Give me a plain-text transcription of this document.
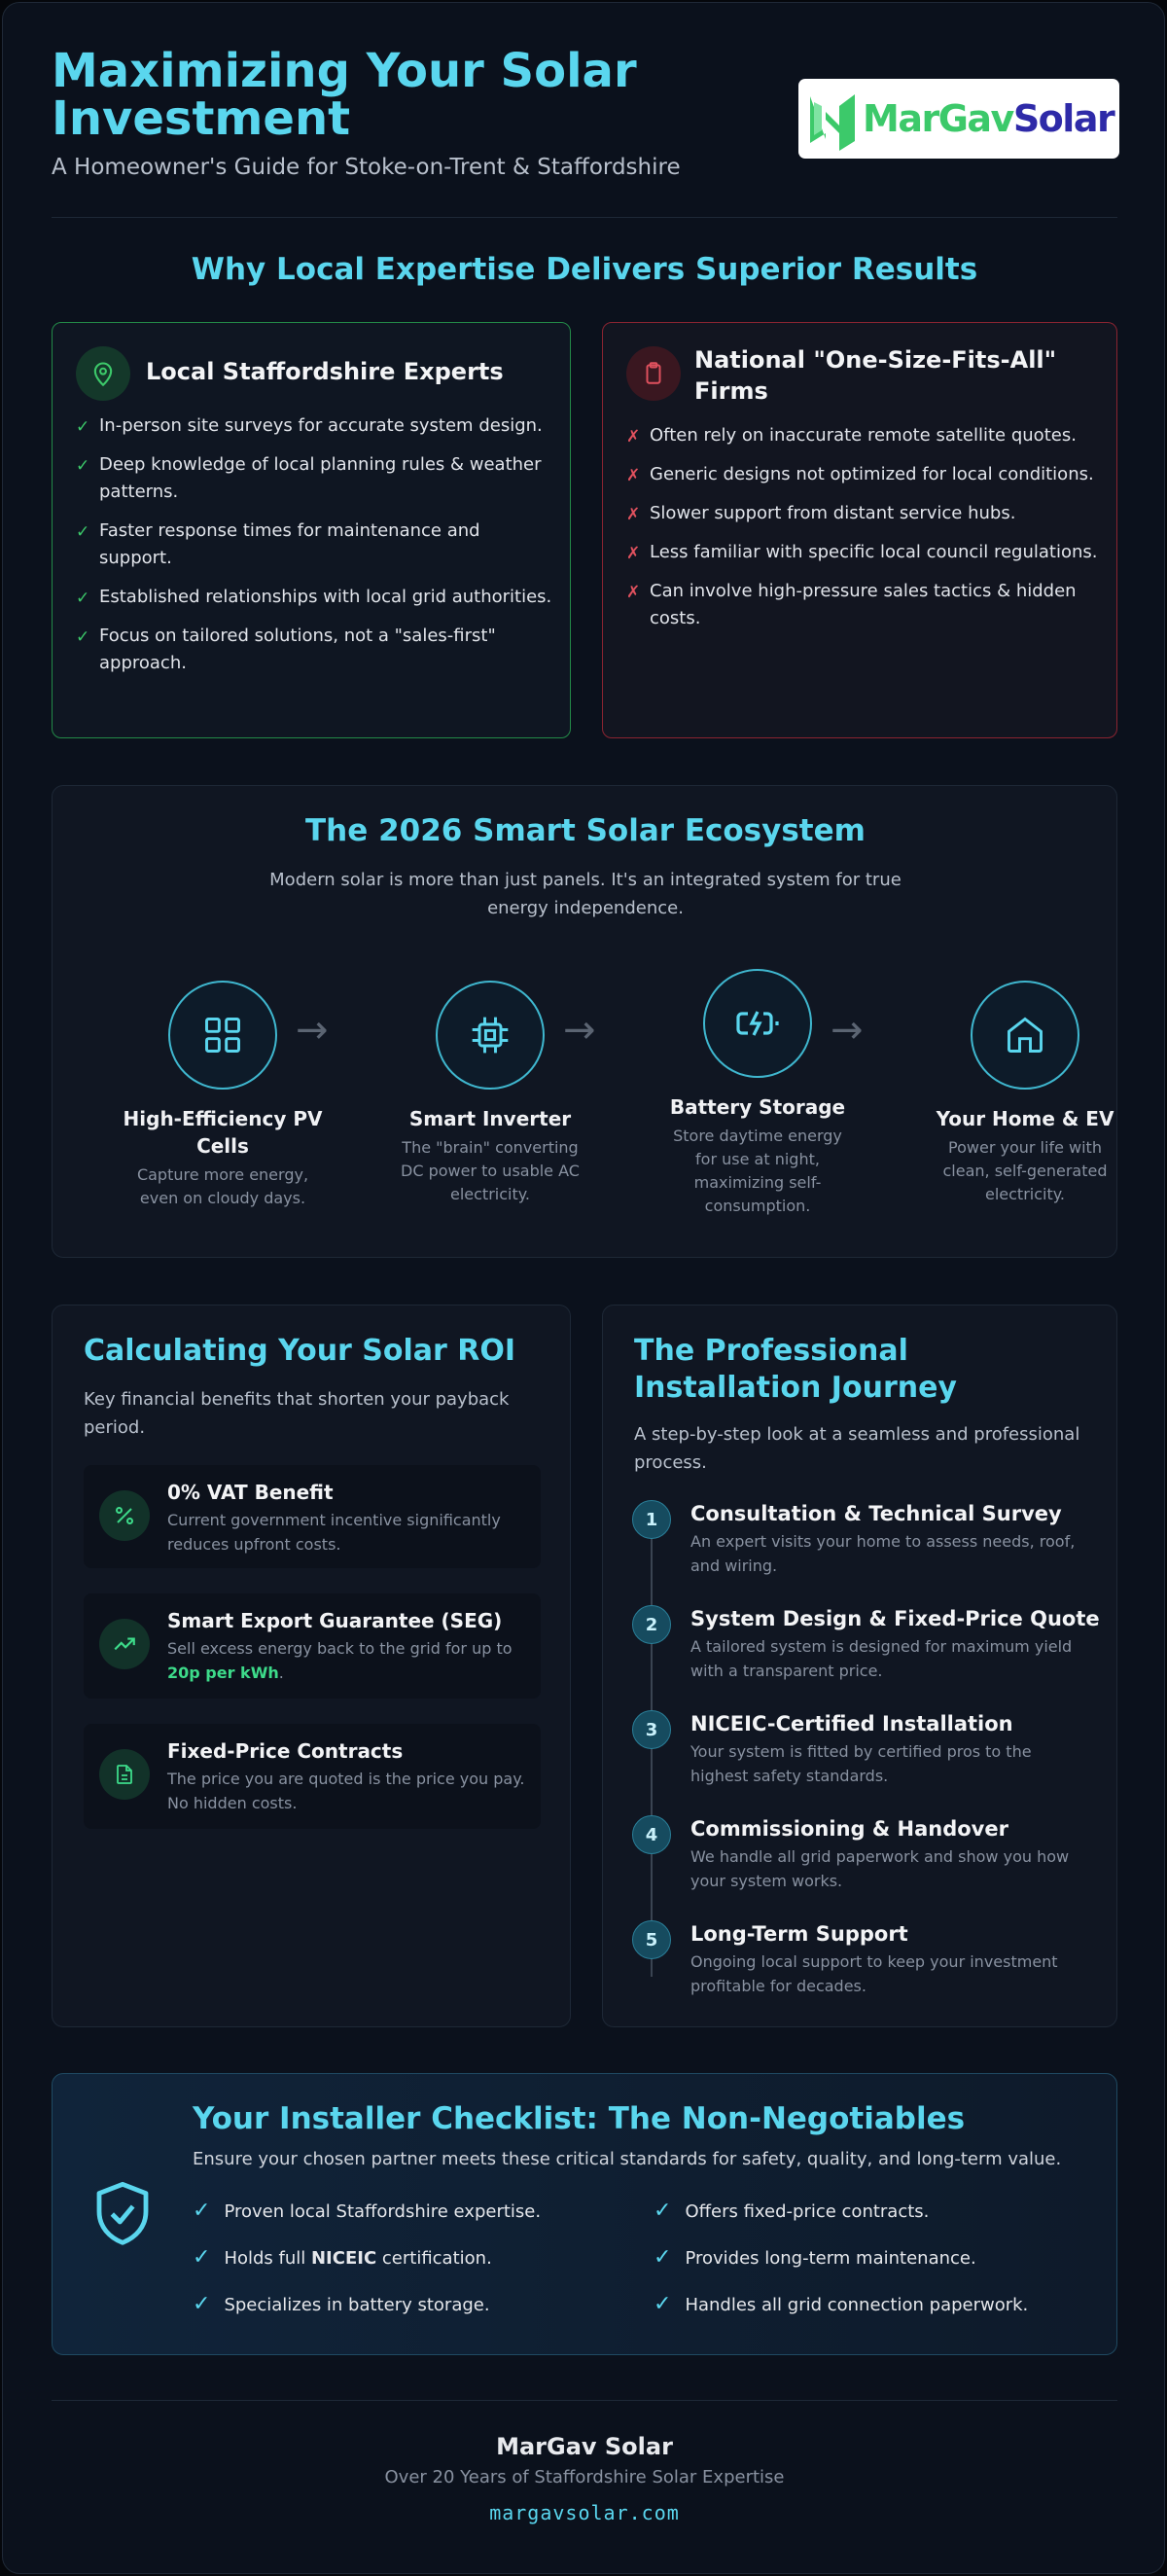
Maximizing Your Solar Investment
A Homeowner's Guide for Stoke-on-Trent & Staffordshire
MarGavSolar
Why Local Expertise Delivers Superior Results
Local Staffordshire Experts
✓ In-person site surveys for accurate system design.
✓ Deep knowledge of local planning rules & weather patterns.
✓ Faster response times for maintenance and support.
✓ Established relationships with local grid authorities.
✓ Focus on tailored solutions, not a "sales-first" approach.
National "One-Size-Fits-All" Firms
✗ Often rely on inaccurate remote satellite quotes.
✗ Generic designs not optimized for local conditions.
✗ Slower support from distant service hubs.
✗ Less familiar with specific local council regulations.
✗ Can involve high-pressure sales tactics & hidden costs.
The 2026 Smart Solar Ecosystem
Modern solar is more than just panels. It's an integrated system for true energy independence.
High-Efficiency PV Cells
Capture more energy, even on cloudy days.
→
Smart Inverter
The "brain" converting DC power to usable AC electricity.
→
Battery Storage
Store daytime energy for use at night, maximizing self-consumption.
→
Your Home & EV
Power your life with clean, self-generated electricity.
Calculating Your Solar ROI
Key financial benefits that shorten your payback period.
0% VAT Benefit
Current government incentive significantly reduces upfront costs.
Smart Export Guarantee (SEG)
Sell excess energy back to the grid for up to 20p per kWh.
Fixed-Price Contracts
The price you are quoted is the price you pay. No hidden costs.
The Professional Installation Journey
A step-by-step look at a seamless and professional process.
1	Consultation & Technical Survey
An expert visits your home to assess needs, roof, and wiring.
2	System Design & Fixed-Price Quote
A tailored system is designed for maximum yield with a transparent price.
3	NICEIC-Certified Installation
Your system is fitted by certified pros to the highest safety standards.
4	Commissioning & Handover
We handle all grid paperwork and show you how your system works.
5	Long-Term Support
Ongoing local support to keep your investment profitable for decades.
Your Installer Checklist: The Non-Negotiables
Ensure your chosen partner meets these critical standards for safety, quality, and long-term value.
✓ Proven local Staffordshire expertise.
✓ Holds full NICEIC certification.
✓ Specializes in battery storage.
✓ Offers fixed-price contracts.
✓ Provides long-term maintenance.
✓ Handles all grid connection paperwork.
MarGav Solar
Over 20 Years of Staffordshire Solar Expertise
margavsolar.com
